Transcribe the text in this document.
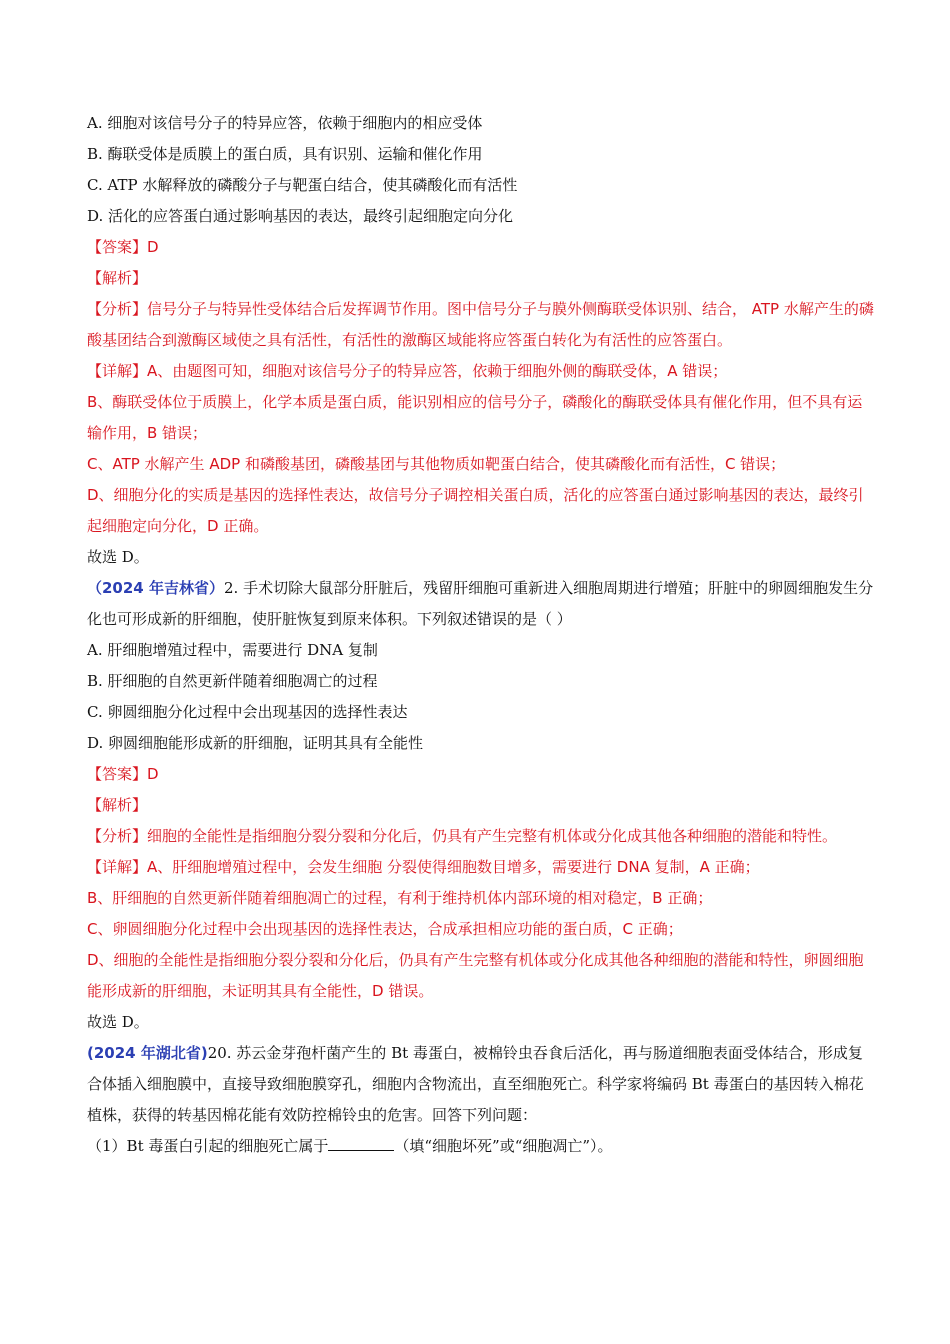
A. 细胞对该信号分子的特异应答，依赖于细胞内的相应受体

B. 酶联受体是质膜上的蛋白质，具有识别、运输和催化作用

C. ATP 水解释放的磷酸分子与靶蛋白结合，使其磷酸化而有活性

D. 活化的应答蛋白通过影响基因的表达，最终引起细胞定向分化

【答案】D

【解析】

【分析】信号分子与特异性受体结合后发挥调节作用。图中信号分子与膜外侧酶联受体识别、结合， ATP 水解产生的磷酸基团结合到激酶区域使之具有活性，有活性的激酶区域能将应答蛋白转化为有活性的应答蛋白。

【详解】A、由题图可知，细胞对该信号分子的特异应答，依赖于细胞外侧的酶联受体，A 错误；

B、酶联受体位于质膜上，化学本质是蛋白质，能识别相应的信号分子，磷酸化的酶联受体具有催化作用，但不具有运输作用，B 错误；

C、ATP 水解产生 ADP 和磷酸基团，磷酸基团与其他物质如靶蛋白结合，使其磷酸化而有活性，C 错误；

D、细胞分化的实质是基因的选择性表达，故信号分子调控相关蛋白质，活化的应答蛋白通过影响基因的表达，最终引起细胞定向分化，D 正确。

故选 D。

（2024 年吉林省）2. 手术切除大鼠部分肝脏后，残留肝细胞可重新进入细胞周期进行增殖；肝脏中的卵圆细胞发生分化也可形成新的肝细胞，使肝脏恢复到原来体积。下列叙述错误的是（ ）

A. 肝细胞增殖过程中，需要进行 DNA 复制

B. 肝细胞的自然更新伴随着细胞凋亡的过程

C. 卵圆细胞分化过程中会出现基因的选择性表达

D. 卵圆细胞能形成新的肝细胞，证明其具有全能性

【答案】D

【解析】

【分析】细胞的全能性是指细胞分裂分裂和分化后，仍具有产生完整有机体或分化成其他各种细胞的潜能和特性。

【详解】A、肝细胞增殖过程中，会发生细胞 分裂使得细胞数目增多，需要进行 DNA 复制，A 正确；

B、肝细胞的自然更新伴随着细胞凋亡的过程，有利于维持机体内部环境的相对稳定，B 正确；

C、卵圆细胞分化过程中会出现基因的选择性表达，合成承担相应功能的蛋白质，C 正确；

D、细胞的全能性是指细胞分裂分裂和分化后，仍具有产生完整有机体或分化成其他各种细胞的潜能和特性，卵圆细胞能形成新的肝细胞，未证明其具有全能性，D 错误。

故选 D。

(2024 年湖北省)20. 苏云金芽孢杆菌产生的 Bt 毒蛋白，被棉铃虫吞食后活化，再与肠道细胞表面受体结合，形成复合体插入细胞膜中，直接导致细胞膜穿孔，细胞内含物流出，直至细胞死亡。科学家将编码 Bt 毒蛋白的基因转入棉花植株，获得的转基因棉花能有效防控棉铃虫的危害。回答下列问题：

（1）Bt 毒蛋白引起的细胞死亡属于	（填“细胞坏死”或“细胞凋亡”）。
